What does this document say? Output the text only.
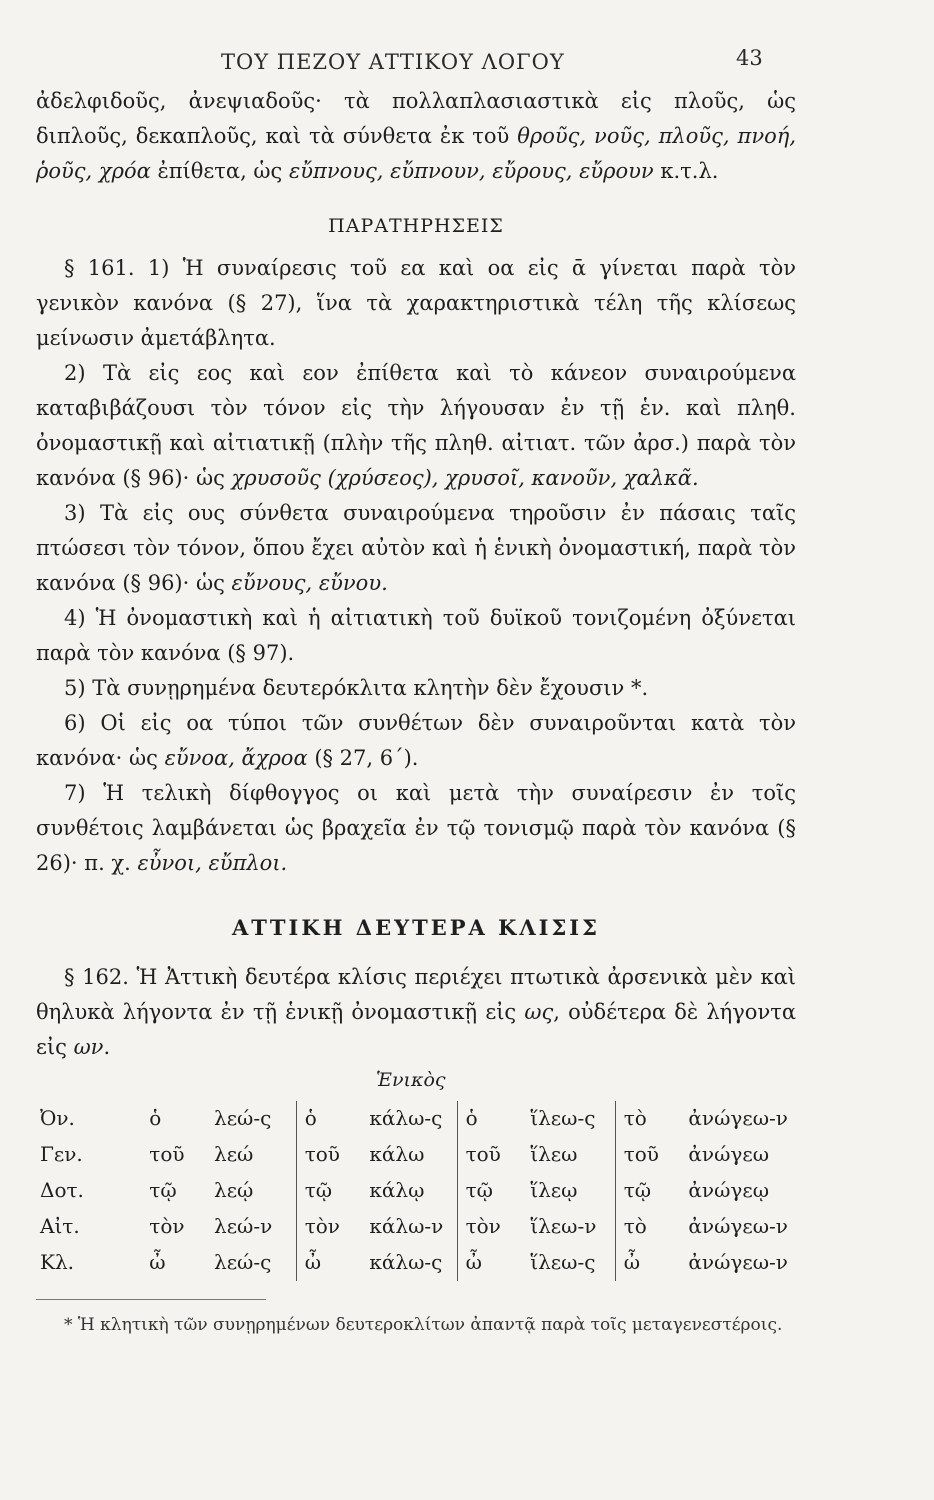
ΤΟΥ ΠΕΖΟΥ ΑΤΤΙΚΟΥ ΛΟΓΟΥ	43

ἀδελφιδοῦς, ἀνεψιαδοῦς· τὰ πολλαπλασιαστικὰ εἰς πλοῦς, ὡς διπλοῦς, δεκαπλοῦς, καὶ τὰ σύνθετα ἐκ τοῦ θροῦς, νοῦς, πλοῦς, πνοή, ῥοῦς, χρόα ἐπίθετα, ὡς εὔπνους, εὔπνουν, εὔρους, εὔρουν κ.τ.λ.

ΠΑΡΑΤΗΡΗΣΕΙΣ

§ 161. 1) Ἡ συναίρεσις τοῦ εα καὶ οα εἰς ᾱ γίνεται παρὰ τὸν γενικὸν κανόνα (§ 27), ἵνα τὰ χαρακτηριστικὰ τέλη τῆς κλίσεως μείνωσιν ἀμετάβλητα.

2) Τὰ εἰς εος καὶ εον ἐπίθετα καὶ τὸ κάνεον συναιρούμενα καταβιβάζουσι τὸν τόνον εἰς τὴν λήγουσαν ἐν τῇ ἑν. καὶ πληθ. ὀνομαστικῇ καὶ αἰτιατικῇ (πλὴν τῆς πληθ. αἰτιατ. τῶν ἀρσ.) παρὰ τὸν κανόνα (§ 96)· ὡς χρυσοῦς (χρύσεος), χρυσοῖ, κανοῦν, χαλκᾶ.

3) Τὰ εἰς ους σύνθετα συναιρούμενα τηροῦσιν ἐν πάσαις ταῖς πτώσεσι τὸν τόνον, ὅπου ἔχει αὐτὸν καὶ ἡ ἑνικὴ ὀνομαστική, παρὰ τὸν κανόνα (§ 96)· ὡς εὔνους, εὔνου.

4) Ἡ ὀνομαστικὴ καὶ ἡ αἰτιατικὴ τοῦ δυϊκοῦ τονιζομένη ὀξύνεται παρὰ τὸν κανόνα (§ 97).

5) Τὰ συνῃρημένα δευτερόκλιτα κλητὴν δὲν ἔχουσιν *.

6) Οἱ εἰς οα τύποι τῶν συνθέτων δὲν συναιροῦνται κατὰ τὸν κανόνα· ὡς εὔνοα, ἄχροα (§ 27, 6΄).

7) Ἡ τελικὴ δίφθογγος οι καὶ μετὰ τὴν συναίρεσιν ἐν τοῖς συνθέτοις λαμβάνεται ὡς βραχεῖα ἐν τῷ τονισμῷ παρὰ τὸν κανόνα (§ 26)· π. χ. εὖνοι, εὔπλοι.

ΑΤΤΙΚΗ ΔΕΥΤΕΡΑ ΚΛΙΣΙΣ

§ 162. Ἡ Ἀττικὴ δευτέρα κλίσις περιέχει πτωτικὰ ἀρσενικὰ μὲν καὶ θηλυκὰ λήγοντα ἐν τῇ ἑνικῇ ὀνομαστικῇ εἰς ως, οὐδέτερα δὲ λήγοντα εἰς ων.

Ἑνικὸς
Ὀν.	ὁ	λεώ-ς	ὁ	κάλω-ς	ὁ	ἵλεω-ς	τὸ	ἀνώγεω-ν
Γεν.	τοῦ	λεώ	τοῦ	κάλω	τοῦ	ἵλεω	τοῦ	ἀνώγεω
Δοτ.	τῷ	λεῴ	τῷ	κάλῳ	τῷ	ἵλεῳ	τῷ	ἀνώγεῳ
Αἰτ.	τὸν	λεώ-ν	τὸν	κάλω-ν	τὸν	ἵλεω-ν	τὸ	ἀνώγεω-ν
Κλ.	ὦ	λεώ-ς	ὦ	κάλω-ς	ὦ	ἵλεω-ς	ὦ	ἀνώγεω-ν

* Ἡ κλητικὴ τῶν συνῃρημένων δευτεροκλίτων ἀπαντᾷ παρὰ τοῖς μεταγενεστέροις.
